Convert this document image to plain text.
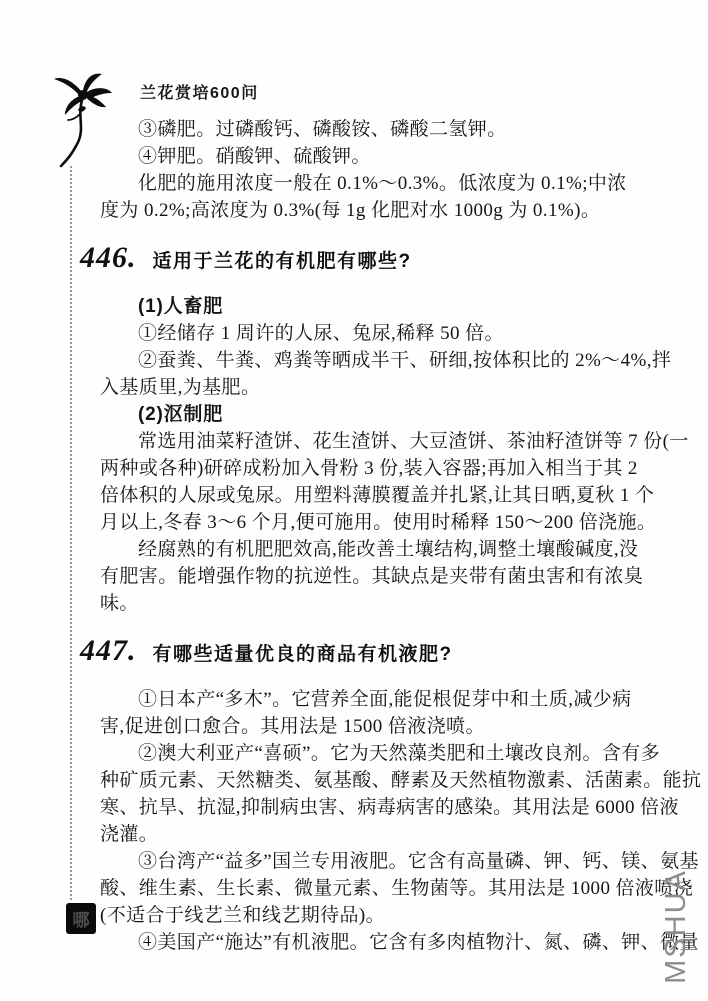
兰花赏培600问
③磷肥。过磷酸钙、磷酸铵、磷酸二氢钾。
④钾肥。硝酸钾、硫酸钾。
化肥的施用浓度一般在 0.1%～0.3%。低浓度为 0.1%;中浓
度为 0.2%;高浓度为 0.3%(每 1g 化肥对水 1000g 为 0.1%)。
446. 适用于兰花的有机肥有哪些?
(1)人畜肥
①经储存 1 周许的人尿、兔尿,稀释 50 倍。
②蚕粪、牛粪、鸡粪等晒成半干、研细,按体积比的 2%～4%,拌
入基质里,为基肥。
(2)沤制肥
常选用油菜籽渣饼、花生渣饼、大豆渣饼、茶油籽渣饼等 7 份(一
两种或各种)研碎成粉加入骨粉 3 份,装入容器;再加入相当于其 2
倍体积的人尿或兔尿。用塑料薄膜覆盖并扎紧,让其日晒,夏秋 1 个
月以上,冬春 3～6 个月,便可施用。使用时稀释 150～200 倍浇施。
经腐熟的有机肥肥效高,能改善土壤结构,调整土壤酸碱度,没
有肥害。能增强作物的抗逆性。其缺点是夹带有菌虫害和有浓臭
味。
447. 有哪些适量优良的商品有机液肥?
①日本产“多木”。它营养全面,能促根促芽中和土质,减少病
害,促进创口愈合。其用法是 1500 倍液浇喷。
②澳大利亚产“喜硕”。它为天然藻类肥和土壤改良剂。含有多
种矿质元素、天然糖类、氨基酸、酵素及天然植物激素、活菌素。能抗
寒、抗旱、抗湿,抑制病虫害、病毒病害的感染。其用法是 6000 倍液
浇灌。
③台湾产“益多”国兰专用液肥。它含有高量磷、钾、钙、镁、氨基
酸、维生素、生长素、微量元素、生物菌等。其用法是 1000 倍液喷浇
(不适合于线艺兰和线艺期待品)。
④美国产“施达”有机液肥。它含有多肉植物汁、氮、磷、钾、微量
哪	MSHUA
